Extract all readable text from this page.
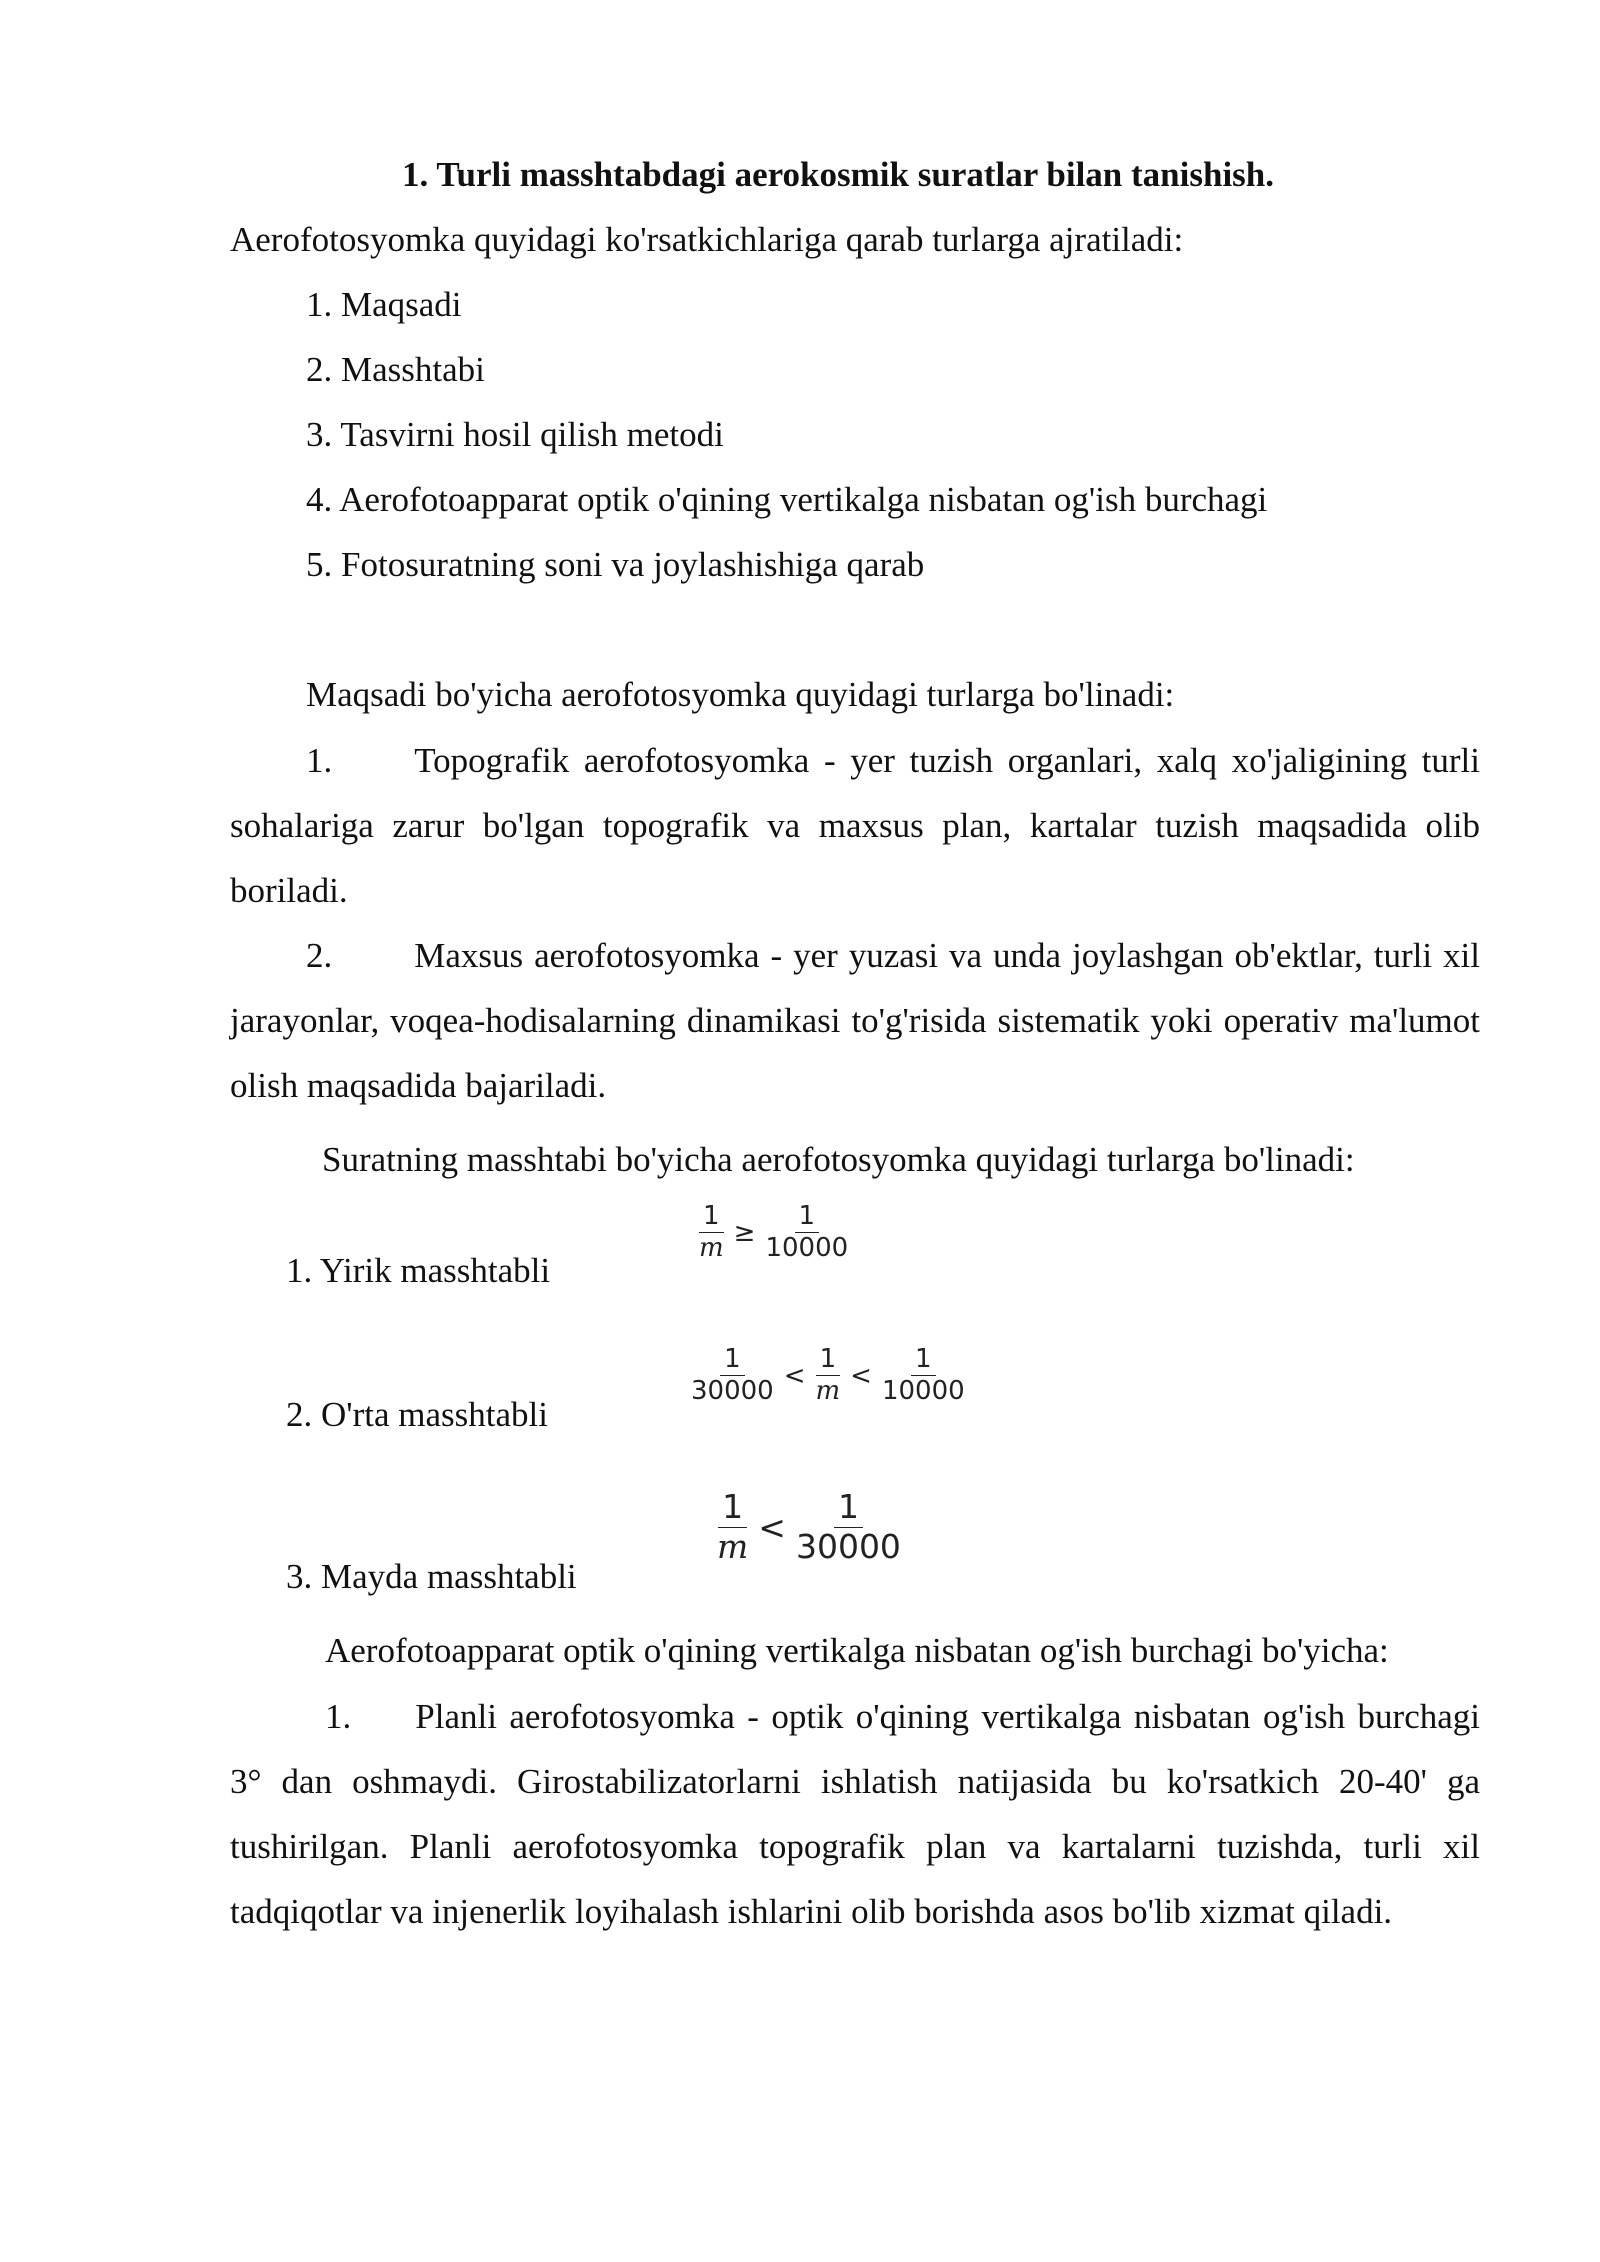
1. Turli masshtabdagi aerokosmik suratlar bilan tanishish.
Aerofotosyomka quyidagi ko'rsatkichlariga qarab turlarga ajratiladi:
1. Maqsadi
2. Masshtabi
3. Tasvirni hosil qilish metodi
4. Aerofotoapparat optik o'qining vertikalga nisbatan og'ish burchagi
5. Fotosuratning soni va joylashishiga qarab
Maqsadi bo'yicha aerofotosyomka quyidagi turlarga bo'linadi:
1. Topografik aerofotosyomka - yer tuzish organlari, xalq xo'jaligining turli sohalariga zarur bo'lgan topografik va maxsus plan, kartalar tuzish maqsadida olib boriladi.
2. Maxsus aerofotosyomka - yer yuzasi va unda joylashgan ob'ektlar, turli xil jarayonlar, voqea-hodisalarning dinamikasi to'g'risida sistematik yoki operativ ma'lumot olish maqsadida bajariladi.
Suratning masshtabi bo'yicha aerofotosyomka quyidagi turlarga bo'linadi:
1. Yirik masshtabli
$\frac{1}{m} \ge \frac{1}{10000}$
2. O'rta masshtabli
$\frac{1}{30000} < \frac{1}{m} < \frac{1}{10000}$
3. Mayda masshtabli
$\frac{1}{m} < \frac{1}{30000}$
Aerofotoapparat optik o'qining vertikalga nisbatan og'ish burchagi bo'yicha:
1. Planli aerofotosyomka - optik o'qining vertikalga nisbatan og'ish burchagi 3° dan oshmaydi. Girostabilizatorlarni ishlatish natijasida bu ko'rsatkich 20-40' ga tushirilgan. Planli aerofotosyomka topografik plan va kartalarni tuzishda, turli xil tadqiqotlar va injenerlik loyihalash ishlarini olib borishda asos bo'lib xizmat qiladi.
